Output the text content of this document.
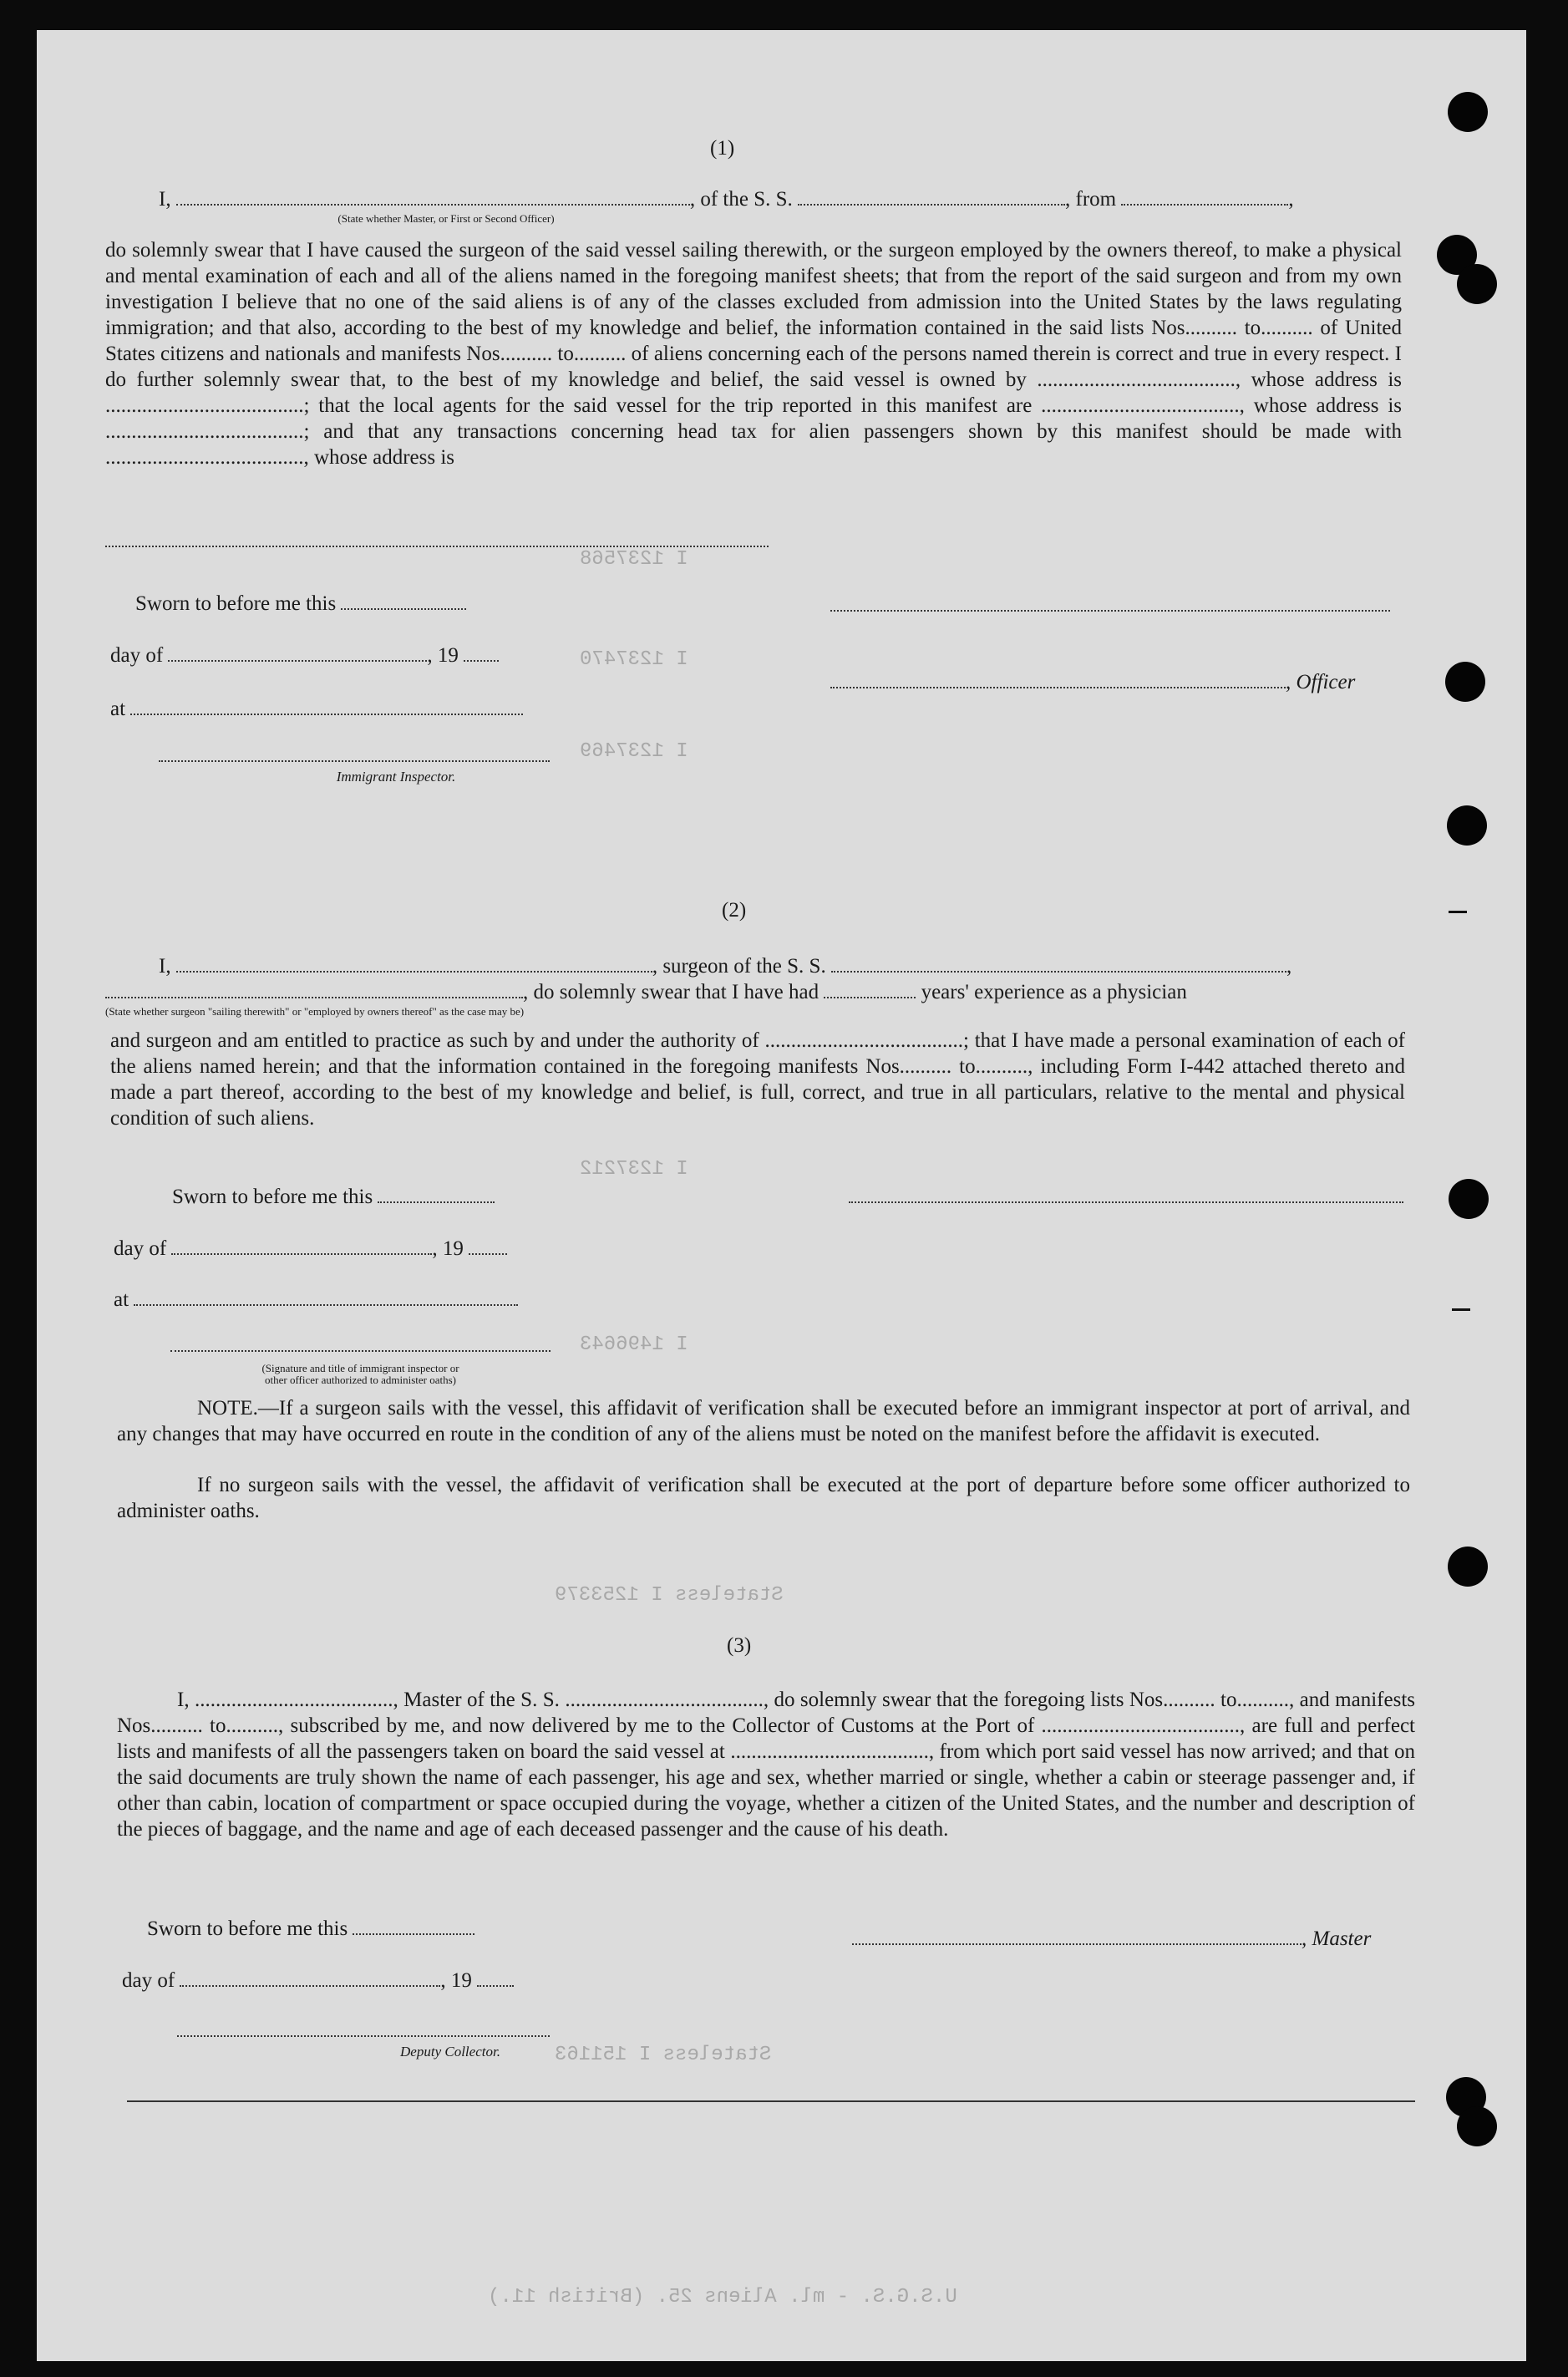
I 1237568
I 1237470
I 1237469
I 1237212
I 1496643
Stateless I 1253379
Stateless I 151163
U.S.G.S. - ml. Aliens 25. (British 11.)
(1)
I,	, of the S. S.	, from	,
(State whether Master, or First or Second Officer)
do solemnly swear that I have caused the surgeon of the said vessel sailing therewith, or the surgeon employed by the owners thereof, to make a physical and mental examination of each and all of the aliens named in the foregoing manifest sheets; that from the report of the said surgeon and from my own investigation I believe that no one of the said aliens is of any of the classes excluded from admission into the United States by the laws regulating immigration; and that also, according to the best of my knowledge and belief, the information contained in the said lists Nos.......... to.......... of United States citizens and nationals and manifests Nos.......... to.......... of aliens concerning each of the persons named therein is correct and true in every respect. I do further solemnly swear that, to the best of my knowledge and belief, the said vessel is owned by ......................................, whose address is ......................................; that the local agents for the said vessel for the trip reported in this manifest are ......................................, whose address is ......................................; and that any transactions concerning head tax for alien passengers shown by this manifest should be made with ......................................, whose address is
Sworn to before me this
day of	, 19
, Officer
at
Immigrant Inspector.
(2)
I,	, surgeon of the S. S.	,
, do solemnly swear that I have had	years' experience as a physician
(State whether surgeon "sailing therewith" or "employed by owners thereof" as the case may be)
and surgeon and am entitled to practice as such by and under the authority of ......................................; that I have made a personal examination of each of the aliens named herein; and that the information contained in the foregoing manifests Nos.......... to.........., including Form I-442 attached thereto and made a part thereof, according to the best of my knowledge and belief, is full, correct, and true in all particulars, relative to the mental and physical condition of such aliens.
Sworn to before me this
day of	, 19
at
(Signature and title of immigrant inspector or
other officer authorized to administer oaths)
NOTE.—If a surgeon sails with the vessel, this affidavit of verification shall be executed before an immigrant inspector at port of arrival, and any changes that may have occurred en route in the condition of any of the aliens must be noted on the manifest before the affidavit is executed.
If no surgeon sails with the vessel, the affidavit of verification shall be executed at the port of departure before some officer authorized to administer oaths.
(3)
I, ......................................, Master of the S. S. ......................................, do solemnly swear that the foregoing lists Nos.......... to.........., and manifests Nos.......... to.........., subscribed by me, and now delivered by me to the Collector of Customs at the Port of ......................................, are full and perfect lists and manifests of all the passengers taken on board the said vessel at ......................................, from which port said vessel has now arrived; and that on the said documents are truly shown the name of each passenger, his age and sex, whether married or single, whether a cabin or steerage passenger and, if other than cabin, location of compartment or space occupied during the voyage, whether a citizen of the United States, and the number and description of the pieces of baggage, and the name and age of each deceased passenger and the cause of his death.
Sworn to before me this	, Master
day of	, 19
Deputy Collector.
